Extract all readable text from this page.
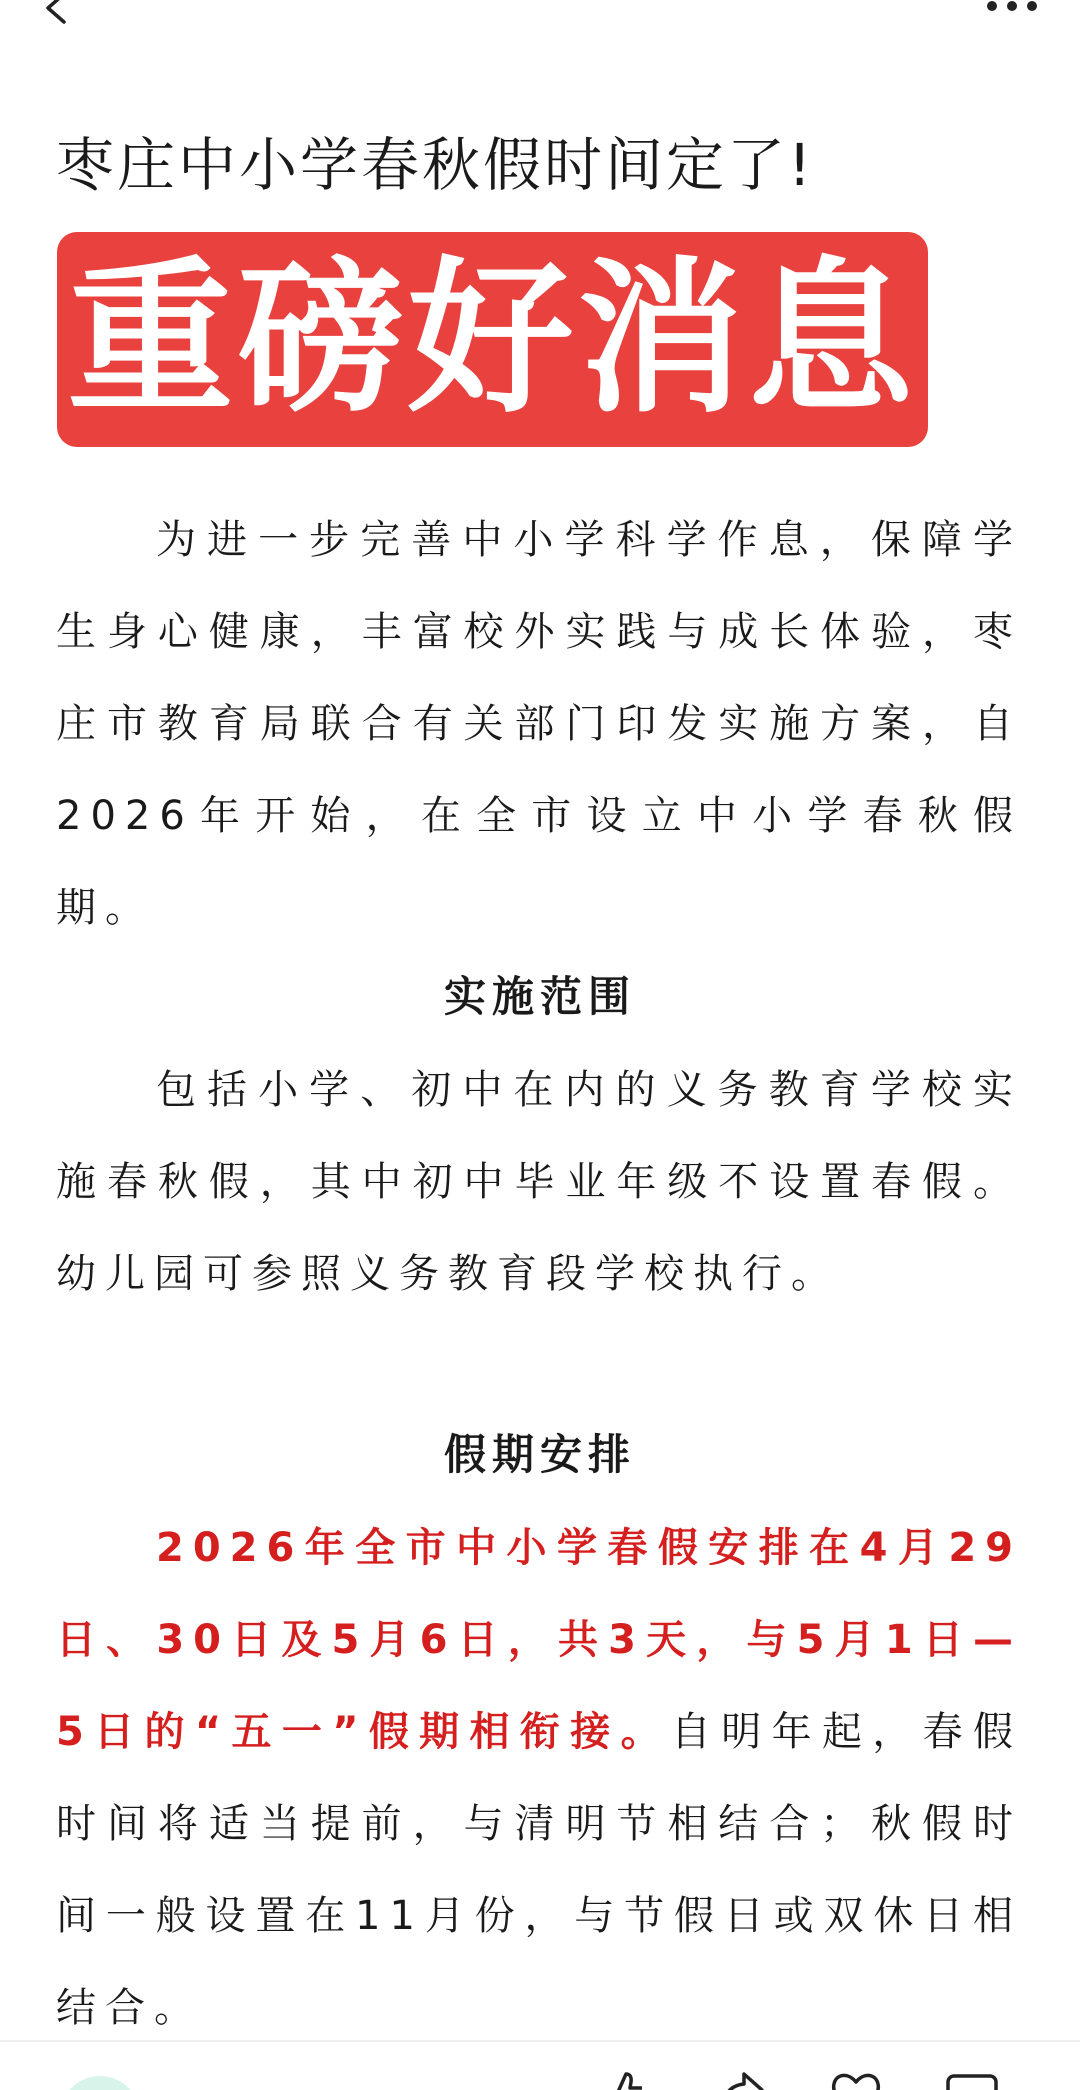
枣庄中小学春秋假时间定了!
重磅好消息
为进一步完善中小学科学作息，保障学生身心健康，丰富校外实践与成长体验，枣庄市教育局联合有关部门印发实施方案，自2026年开始，在全市设立中小学春秋假期。
实施范围
包括小学、初中在内的义务教育学校实施春秋假，其中初中毕业年级不设置春假。幼儿园可参照义务教育段学校执行。
假期安排
2026年全市中小学春假安排在4月29日、30日及5月6日，共3天，与5月1日—5日的“五一”假期相衔接。自明年起，春假时间将适当提前，与清明节相结合；秋假时间一般设置在11月份，与节假日或双休日相结合。
